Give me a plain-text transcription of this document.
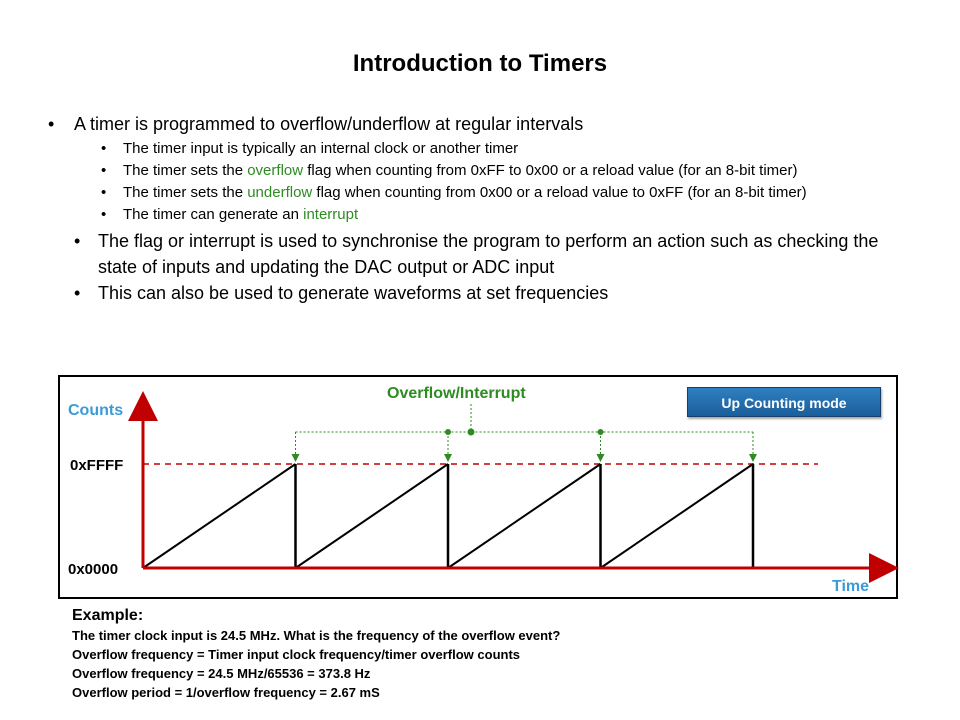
Introduction to Timers
• A timer is programmed to overflow/underflow at regular intervals
• The timer input is typically an internal clock or another timer
• The timer sets the overflow flag when counting from 0xFF to 0x00 or a reload value (for an 8-bit timer)
• The timer sets the underflow flag when counting from 0x00 or a reload value to 0xFF (for an 8-bit timer)
• The timer can generate an interrupt
• The flag or interrupt is used to synchronise the program to perform an action such as checking the state of inputs and updating the DAC output or ADC input
• This can also be used to generate waveforms at set frequencies
Counts
Time
0xFFFF
0x0000
Overflow/Interrupt
Up Counting mode
Example:
The timer clock input is 24.5 MHz. What is the frequency of the overflow event?
Overflow frequency = Timer input clock frequency/timer overflow counts
Overflow frequency = 24.5 MHz/65536 = 373.8 Hz
Overflow period = 1/overflow frequency = 2.67 mS
